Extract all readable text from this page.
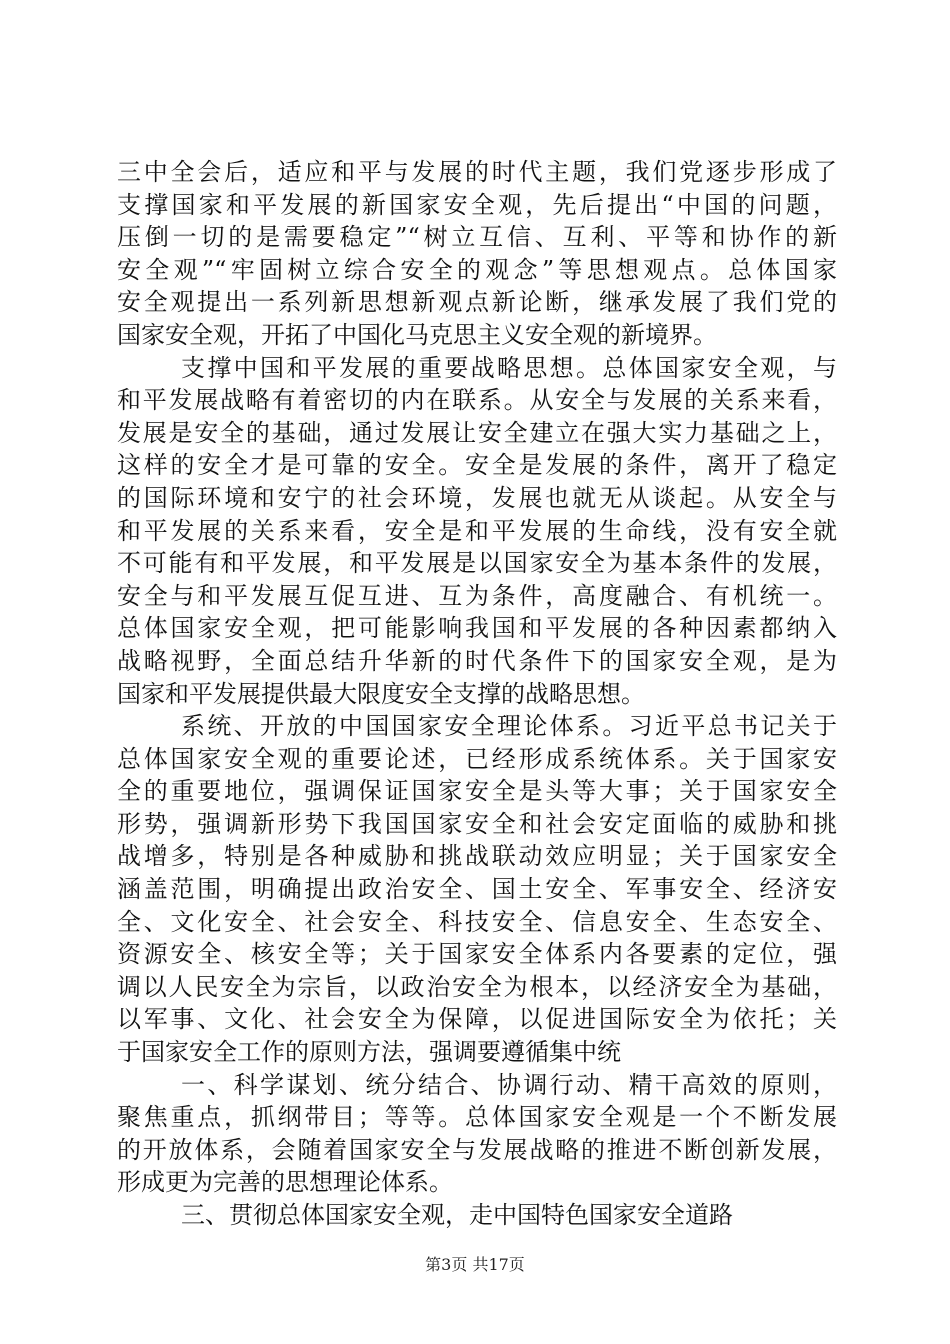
三中全会后，适应和平与发展的时代主题，我们党逐步形成了
支撑国家和平发展的新国家安全观，先后提出“中国的问题，
压倒一切的是需要稳定”“树立互信、互利、平等和协作的新
安全观”“牢固树立综合安全的观念”等思想观点。总体国家
安全观提出一系列新思想新观点新论断，继承发展了我们党的
国家安全观，开拓了中国化马克思主义安全观的新境界。
支撑中国和平发展的重要战略思想。总体国家安全观，与
和平发展战略有着密切的内在联系。从安全与发展的关系来看，
发展是安全的基础，通过发展让安全建立在强大实力基础之上，
这样的安全才是可靠的安全。安全是发展的条件，离开了稳定
的国际环境和安宁的社会环境，发展也就无从谈起。从安全与
和平发展的关系来看，安全是和平发展的生命线，没有安全就
不可能有和平发展，和平发展是以国家安全为基本条件的发展，
安全与和平发展互促互进、互为条件，高度融合、有机统一。
总体国家安全观，把可能影响我国和平发展的各种因素都纳入
战略视野，全面总结升华新的时代条件下的国家安全观，是为
国家和平发展提供最大限度安全支撑的战略思想。
系统、开放的中国国家安全理论体系。习近平总书记关于
总体国家安全观的重要论述，已经形成系统体系。关于国家安
全的重要地位，强调保证国家安全是头等大事；关于国家安全
形势，强调新形势下我国国家安全和社会安定面临的威胁和挑
战增多，特别是各种威胁和挑战联动效应明显；关于国家安全
涵盖范围，明确提出政治安全、国土安全、军事安全、经济安
全、文化安全、社会安全、科技安全、信息安全、生态安全、
资源安全、核安全等；关于国家安全体系内各要素的定位，强
调以人民安全为宗旨，以政治安全为根本，以经济安全为基础，
以军事、文化、社会安全为保障，以促进国际安全为依托；关
于国家安全工作的原则方法，强调要遵循集中统
一、科学谋划、统分结合、协调行动、精干高效的原则，
聚焦重点，抓纲带目；等等。总体国家安全观是一个不断发展
的开放体系，会随着国家安全与发展战略的推进不断创新发展，
形成更为完善的思想理论体系。
三、贯彻总体国家安全观，走中国特色国家安全道路
第3页 共17页
